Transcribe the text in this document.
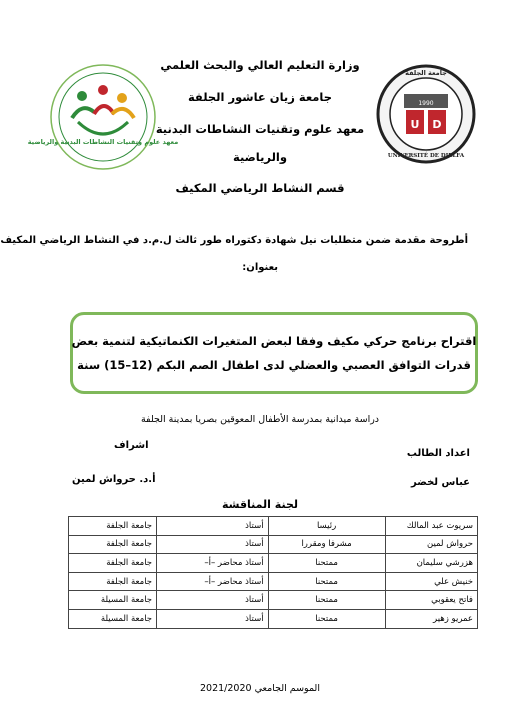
وزارة التعليم العالي والبحث العلمي
جامعة زيان عاشور الجلفة
معهد علوم وتقنيات النشاطات البدنية
والرياضية
قسم النشاط الرياضي المكيف
معهد علوم وتقنيات النشاطات البدنية والرياضية
U D
1990
جامعة الجلفة
UNIVERSITÉ DE DJELFA
أطروحة مقدمة ضمن متطلبات نيل شهادة دكتوراه طور ثالث ل.م.د في النشاط الرياضي المكيف
بعنوان:
اقتراح برنامج حركي مكيف وفقا لبعض المتغيرات الكنماتيكية لتنمية بعض
قدرات التوافق العصبي والعضلي لدى اطفال الصم البكم (12–15) سنة
دراسة ميدانية بمدرسة الأطفال المعوقين بصريا بمدينة الجلفة
اعداد الطالب
عباس لخضر
اشراف
أ.د. حرواش لمين
لجنة المناقشة
سريوت عبد المالك	رئيسا	أستاذ	جامعة الجلفة
حرواش لمين	مشرفا ومقررا	أستاذ	جامعة الجلفة
هزرشي سليمان	ممتحنا	أستاذ محاضر –أ–	جامعة الجلفة
خنيش علي	ممتحنا	أستاذ محاضر –أ–	جامعة الجلفة
فاتح يعقوبي	ممتحنا	أستاذ	جامعة المسيلة
عمريو زهير	ممتحنا	أستاذ	جامعة المسيلة
الموسم الجامعي 2021/2020
